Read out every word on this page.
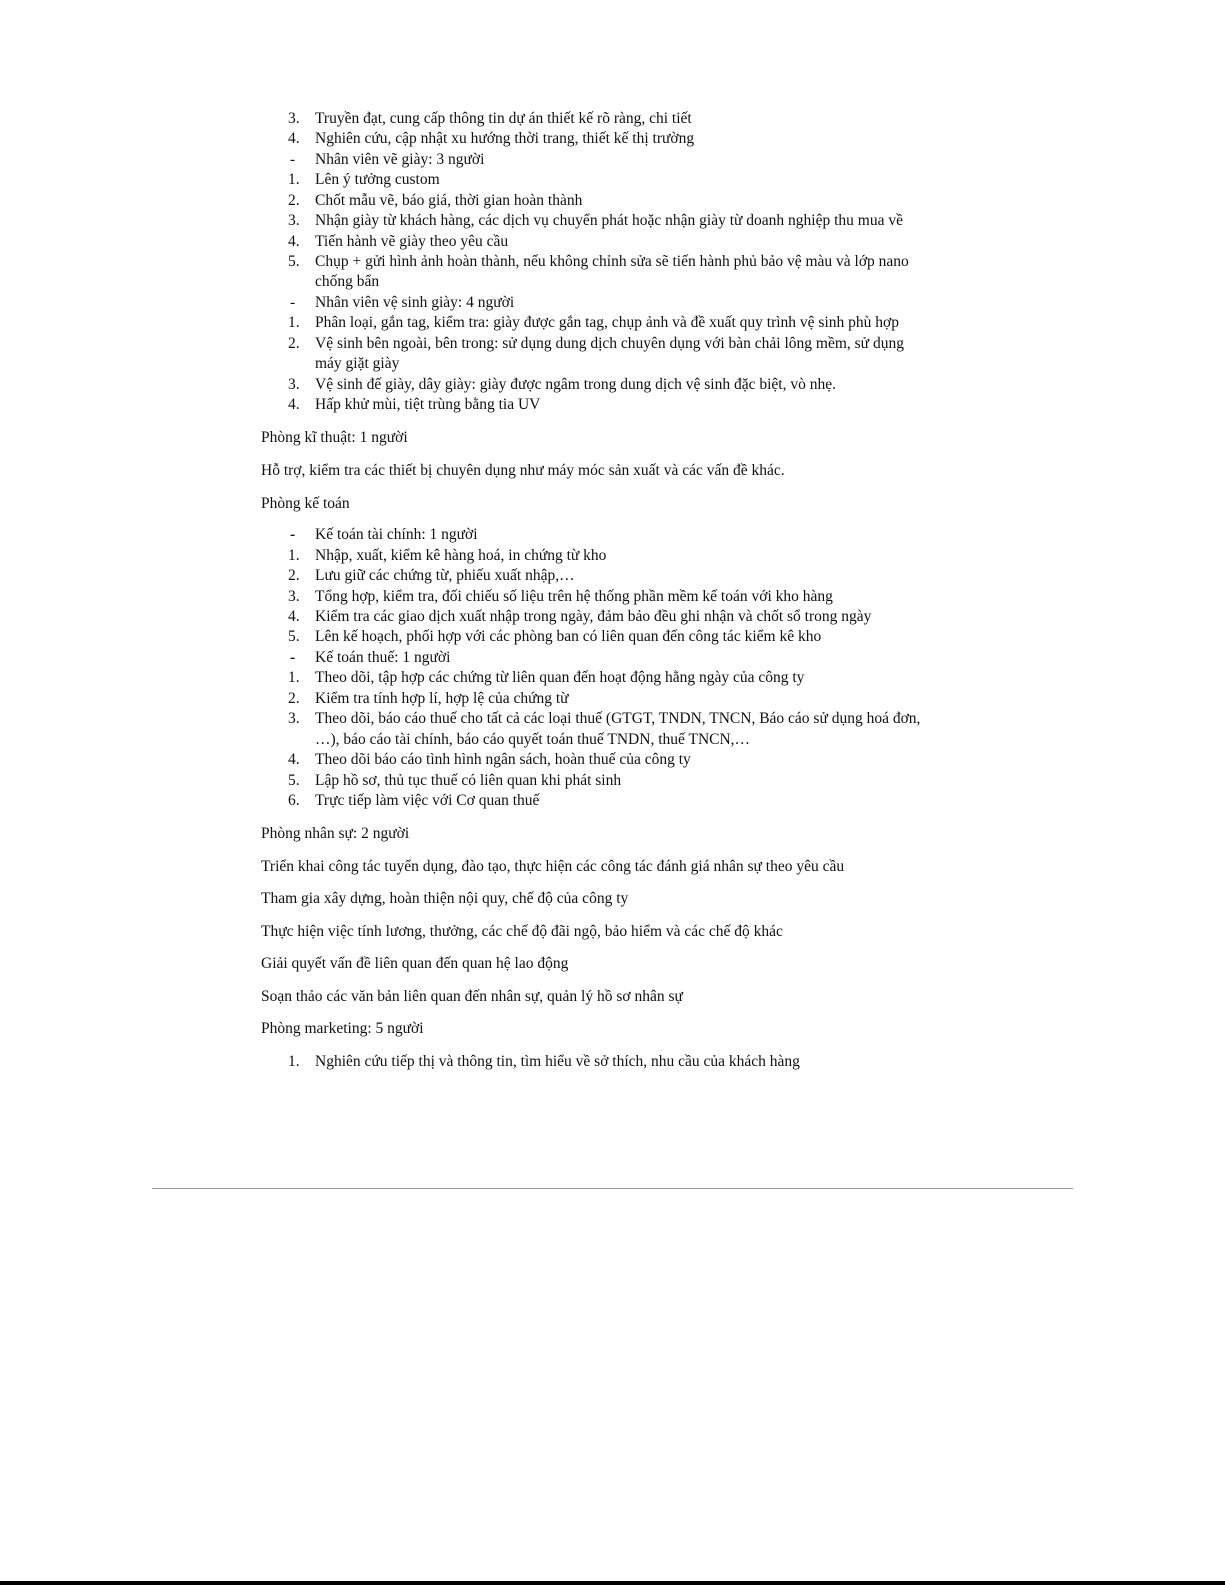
3. Truyền đạt, cung cấp thông tin dự án thiết kế rõ ràng, chi tiết
4. Nghiên cứu, cập nhật xu hướng thời trang, thiết kế thị trường
- Nhân viên vẽ giày: 3 người
1. Lên ý tưởng custom
2. Chốt mẫu vẽ, báo giá, thời gian hoàn thành
3. Nhận giày từ khách hàng, các dịch vụ chuyển phát hoặc nhận giày từ doanh nghiệp thu mua về
4. Tiến hành vẽ giày theo yêu cầu
5. Chụp + gửi hình ảnh hoàn thành, nếu không chỉnh sửa sẽ tiến hành phủ bảo vệ màu và lớp nano
chống bẩn
- Nhân viên vệ sinh giày: 4 người
1. Phân loại, gắn tag, kiểm tra: giày được gắn tag, chụp ảnh và đề xuất quy trình vệ sinh phù hợp
2. Vệ sinh bên ngoài, bên trong: sử dụng dung dịch chuyên dụng với bàn chải lông mềm, sử dụng
máy giặt giày
3. Vệ sinh đế giày, dây giày: giày được ngâm trong dung dịch vệ sinh đặc biệt, vò nhẹ.
4. Hấp khử mùi, tiệt trùng bằng tia UV
Phòng kĩ thuật: 1 người
Hỗ trợ, kiểm tra các thiết bị chuyên dụng như máy móc sản xuất và các vấn đề khác.
Phòng kế toán
- Kế toán tài chính: 1 người
1. Nhập, xuất, kiểm kê hàng hoá, in chứng từ kho
2. Lưu giữ các chứng từ, phiếu xuất nhập,…
3. Tổng hợp, kiểm tra, đối chiếu số liệu trên hệ thống phần mềm kế toán với kho hàng
4. Kiểm tra các giao dịch xuất nhập trong ngày, đảm bảo đều ghi nhận và chốt sổ trong ngày
5. Lên kế hoạch, phối hợp với các phòng ban có liên quan đến công tác kiểm kê kho
- Kế toán thuế: 1 người
1. Theo dõi, tập hợp các chứng từ liên quan đến hoạt động hằng ngày của công ty
2. Kiểm tra tính hợp lí, hợp lệ của chứng từ
3. Theo dõi, báo cáo thuế cho tất cả các loại thuế (GTGT, TNDN, TNCN, Báo cáo sử dụng hoá đơn,
…), báo cáo tài chính, báo cáo quyết toán thuế TNDN, thuế TNCN,…
4. Theo dõi báo cáo tình hình ngân sách, hoàn thuế của công ty
5. Lập hồ sơ, thủ tục thuế có liên quan khi phát sinh
6. Trực tiếp làm việc với Cơ quan thuế
Phòng nhân sự: 2 người
Triển khai công tác tuyển dụng, đào tạo, thực hiện các công tác đánh giá nhân sự theo yêu cầu
Tham gia xây dựng, hoàn thiện nội quy, chế độ của công ty
Thực hiện việc tính lương, thưởng, các chế độ đãi ngộ, bảo hiểm và các chế độ khác
Giải quyết vấn đề liên quan đến quan hệ lao động
Soạn thảo các văn bản liên quan đến nhân sự, quản lý hồ sơ nhân sự
Phòng marketing: 5 người
1. Nghiên cứu tiếp thị và thông tin, tìm hiểu về sở thích, nhu cầu của khách hàng
